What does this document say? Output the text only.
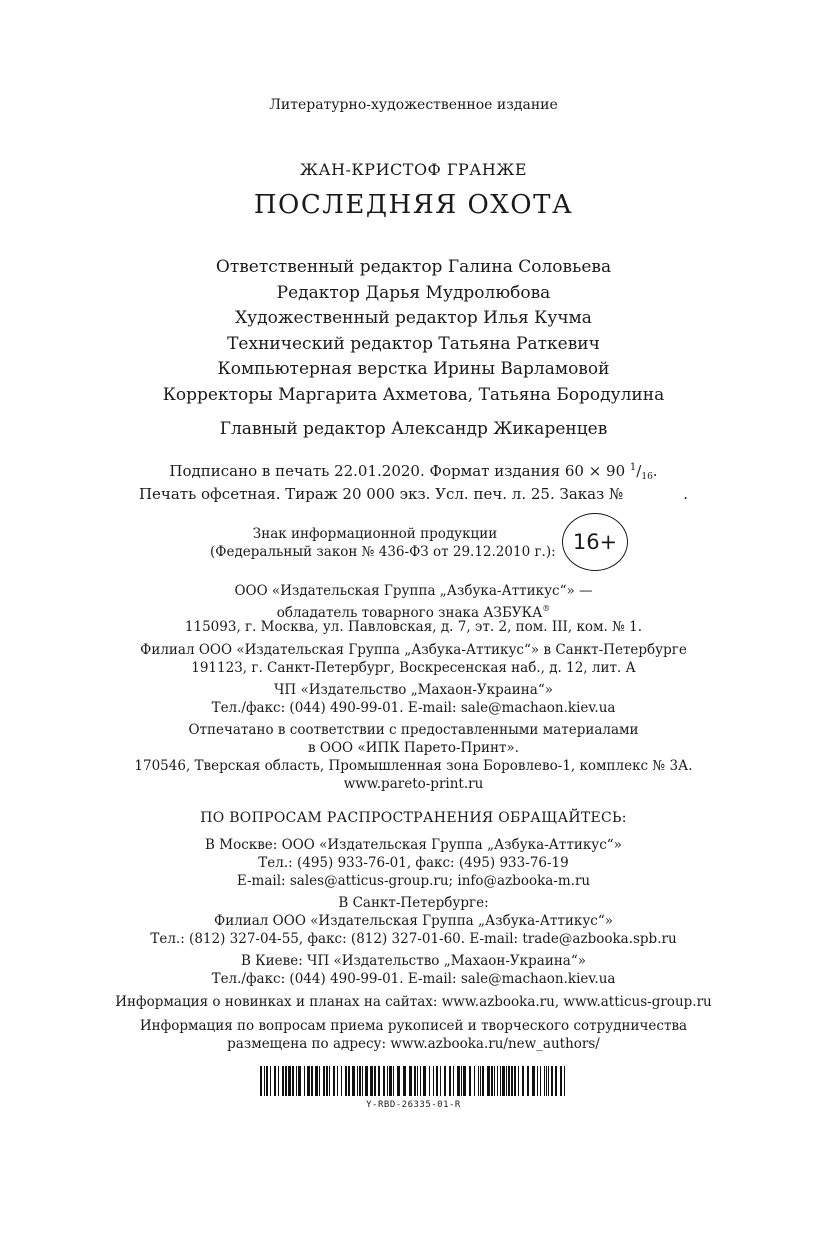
Литературно-художественное издание
ЖАН-КРИСТОФ ГРАНЖЕ
ПОСЛЕДНЯЯ ОХОТА
Ответственный редактор Галина Соловьева
Редактор Дарья Мудролюбова
Художественный редактор Илья Кучма
Технический редактор Татьяна Раткевич
Компьютерная верстка Ирины Варламовой
Корректоры Маргарита Ахметова, Татьяна Бородулина
Главный редактор Александр Жикаренцев
Подписано в печать 22.01.2020. Формат издания 60 × 90 $^1/_{16}$.
Печать офсетная. Тираж 20 000 экз. Усл. печ. л. 25. Заказ №	.
Знак информационной продукции
(Федеральный закон № 436-ФЗ от 29.12.2010 г.): 16+
ООО «Издательская Группа „Азбука-Аттикус“» —
обладатель товарного знака АЗБУКА®
115093, г. Москва, ул. Павловская, д. 7, эт. 2, пом. III, ком. № 1.
Филиал ООО «Издательская Группа „Азбука-Аттикус“» в Санкт-Петербурге
191123, г. Санкт-Петербург, Воскресенская наб., д. 12, лит. А
ЧП «Издательство „Махаон-Украина“»
Тел./факс: (044) 490-99-01. E-mail: sale@machaon.kiev.ua
Отпечатано в соответствии с предоставленными материалами
в ООО «ИПК Парето-Принт».
170546, Тверская область, Промышленная зона Боровлево-1, комплекс № 3А.
www.pareto-print.ru
ПО ВОПРОСАМ РАСПРОСТРАНЕНИЯ ОБРАЩАЙТЕСЬ:
В Москве: ООО «Издательская Группа „Азбука-Аттикус“»
Тел.: (495) 933-76-01, факс: (495) 933-76-19
E-mail: sales@atticus-group.ru; info@azbooka-m.ru
В Санкт-Петербурге:
Филиал ООО «Издательская Группа „Азбука-Аттикус“»
Тел.: (812) 327-04-55, факс: (812) 327-01-60. E-mail: trade@azbooka.spb.ru
В Киеве: ЧП «Издательство „Махаон-Украина“»
Тел./факс: (044) 490-99-01. E-mail: sale@machaon.kiev.ua
Информация о новинках и планах на сайтах: www.azbooka.ru, www.atticus-group.ru
Информация по вопросам приема рукописей и творческого сотрудничества
размещена по адресу: www.azbooka.ru/new_authors/
Y-RBD-26335-01-R
